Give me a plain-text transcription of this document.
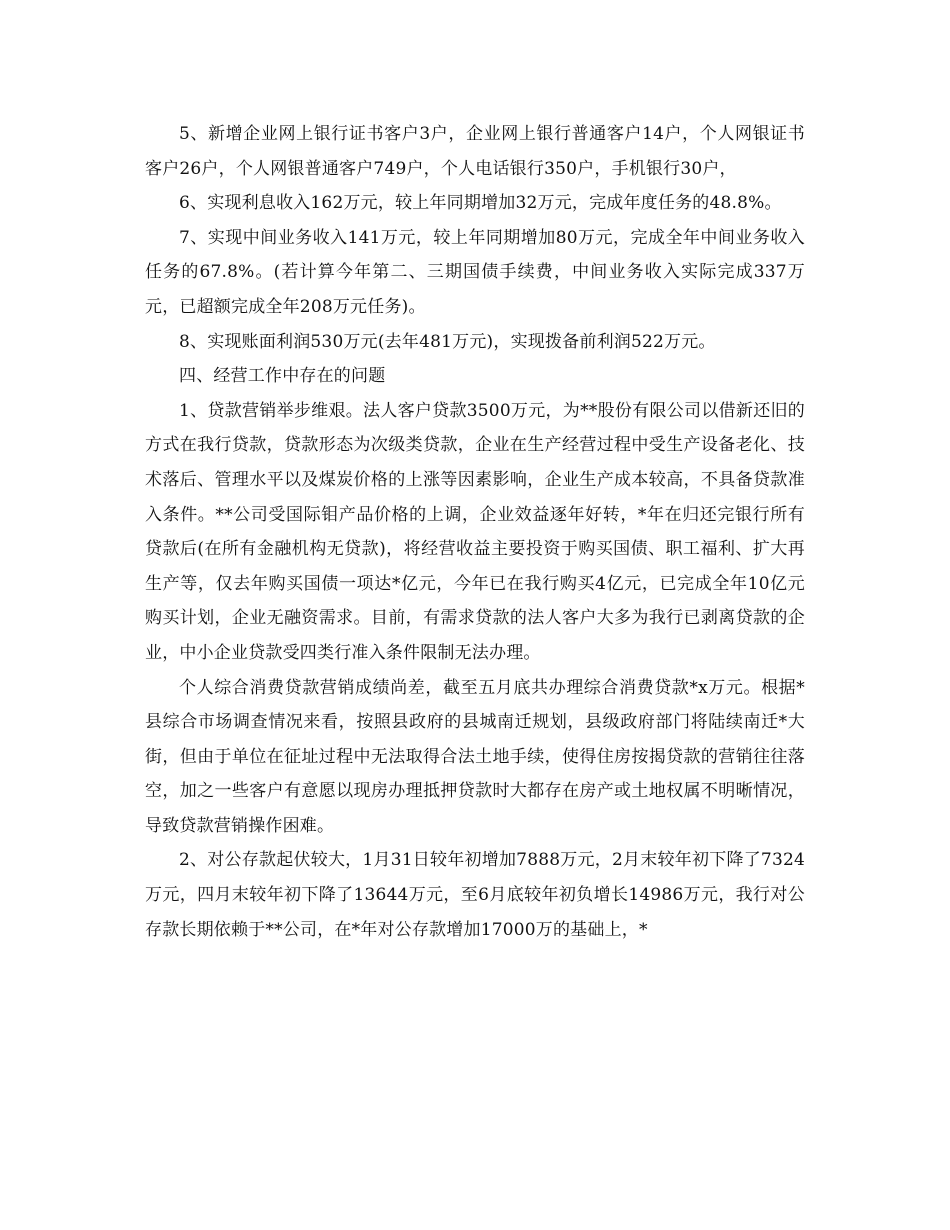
5、新增企业网上银行证书客户3户，企业网上银行普通客户14户，个人网银证书客户26户，个人网银普通客户749户，个人电话银行350户，手机银行30户，

6、实现利息收入162万元，较上年同期增加32万元，完成年度任务的48.8%。

7、实现中间业务收入141万元，较上年同期增加80万元，完成全年中间业务收入任务的67.8%。(若计算今年第二、三期国债手续费，中间业务收入实际完成337万元，已超额完成全年208万元任务)。

8、实现账面利润530万元(去年481万元)，实现拨备前利润522万元。

四、经营工作中存在的问题

1、贷款营销举步维艰。法人客户贷款3500万元，为**股份有限公司以借新还旧的方式在我行贷款，贷款形态为次级类贷款，企业在生产经营过程中受生产设备老化、技术落后、管理水平以及煤炭价格的上涨等因素影响，企业生产成本较高，不具备贷款准入条件。**公司受国际钼产品价格的上调，企业效益逐年好转，*年在归还完银行所有贷款后(在所有金融机构无贷款)，将经营收益主要投资于购买国债、职工福利、扩大再生产等，仅去年购买国债一项达*亿元，今年已在我行购买4亿元，已完成全年10亿元购买计划，企业无融资需求。目前，有需求贷款的法人客户大多为我行已剥离贷款的企业，中小企业贷款受四类行准入条件限制无法办理。

个人综合消费贷款营销成绩尚差，截至五月底共办理综合消费贷款*x万元。根据*县综合市场调查情况来看，按照县政府的县城南迁规划，县级政府部门将陆续南迁*大街，但由于单位在征址过程中无法取得合法土地手续，使得住房按揭贷款的营销往往落空，加之一些客户有意愿以现房办理抵押贷款时大都存在房产或土地权属不明晰情况，导致贷款营销操作困难。

2、对公存款起伏较大，1月31日较年初增加7888万元，2月末较年初下降了7324万元，四月末较年初下降了13644万元，至6月底较年初负增长14986万元，我行对公存款长期依赖于**公司，在*年对公存款增加17000万的基础上，*
